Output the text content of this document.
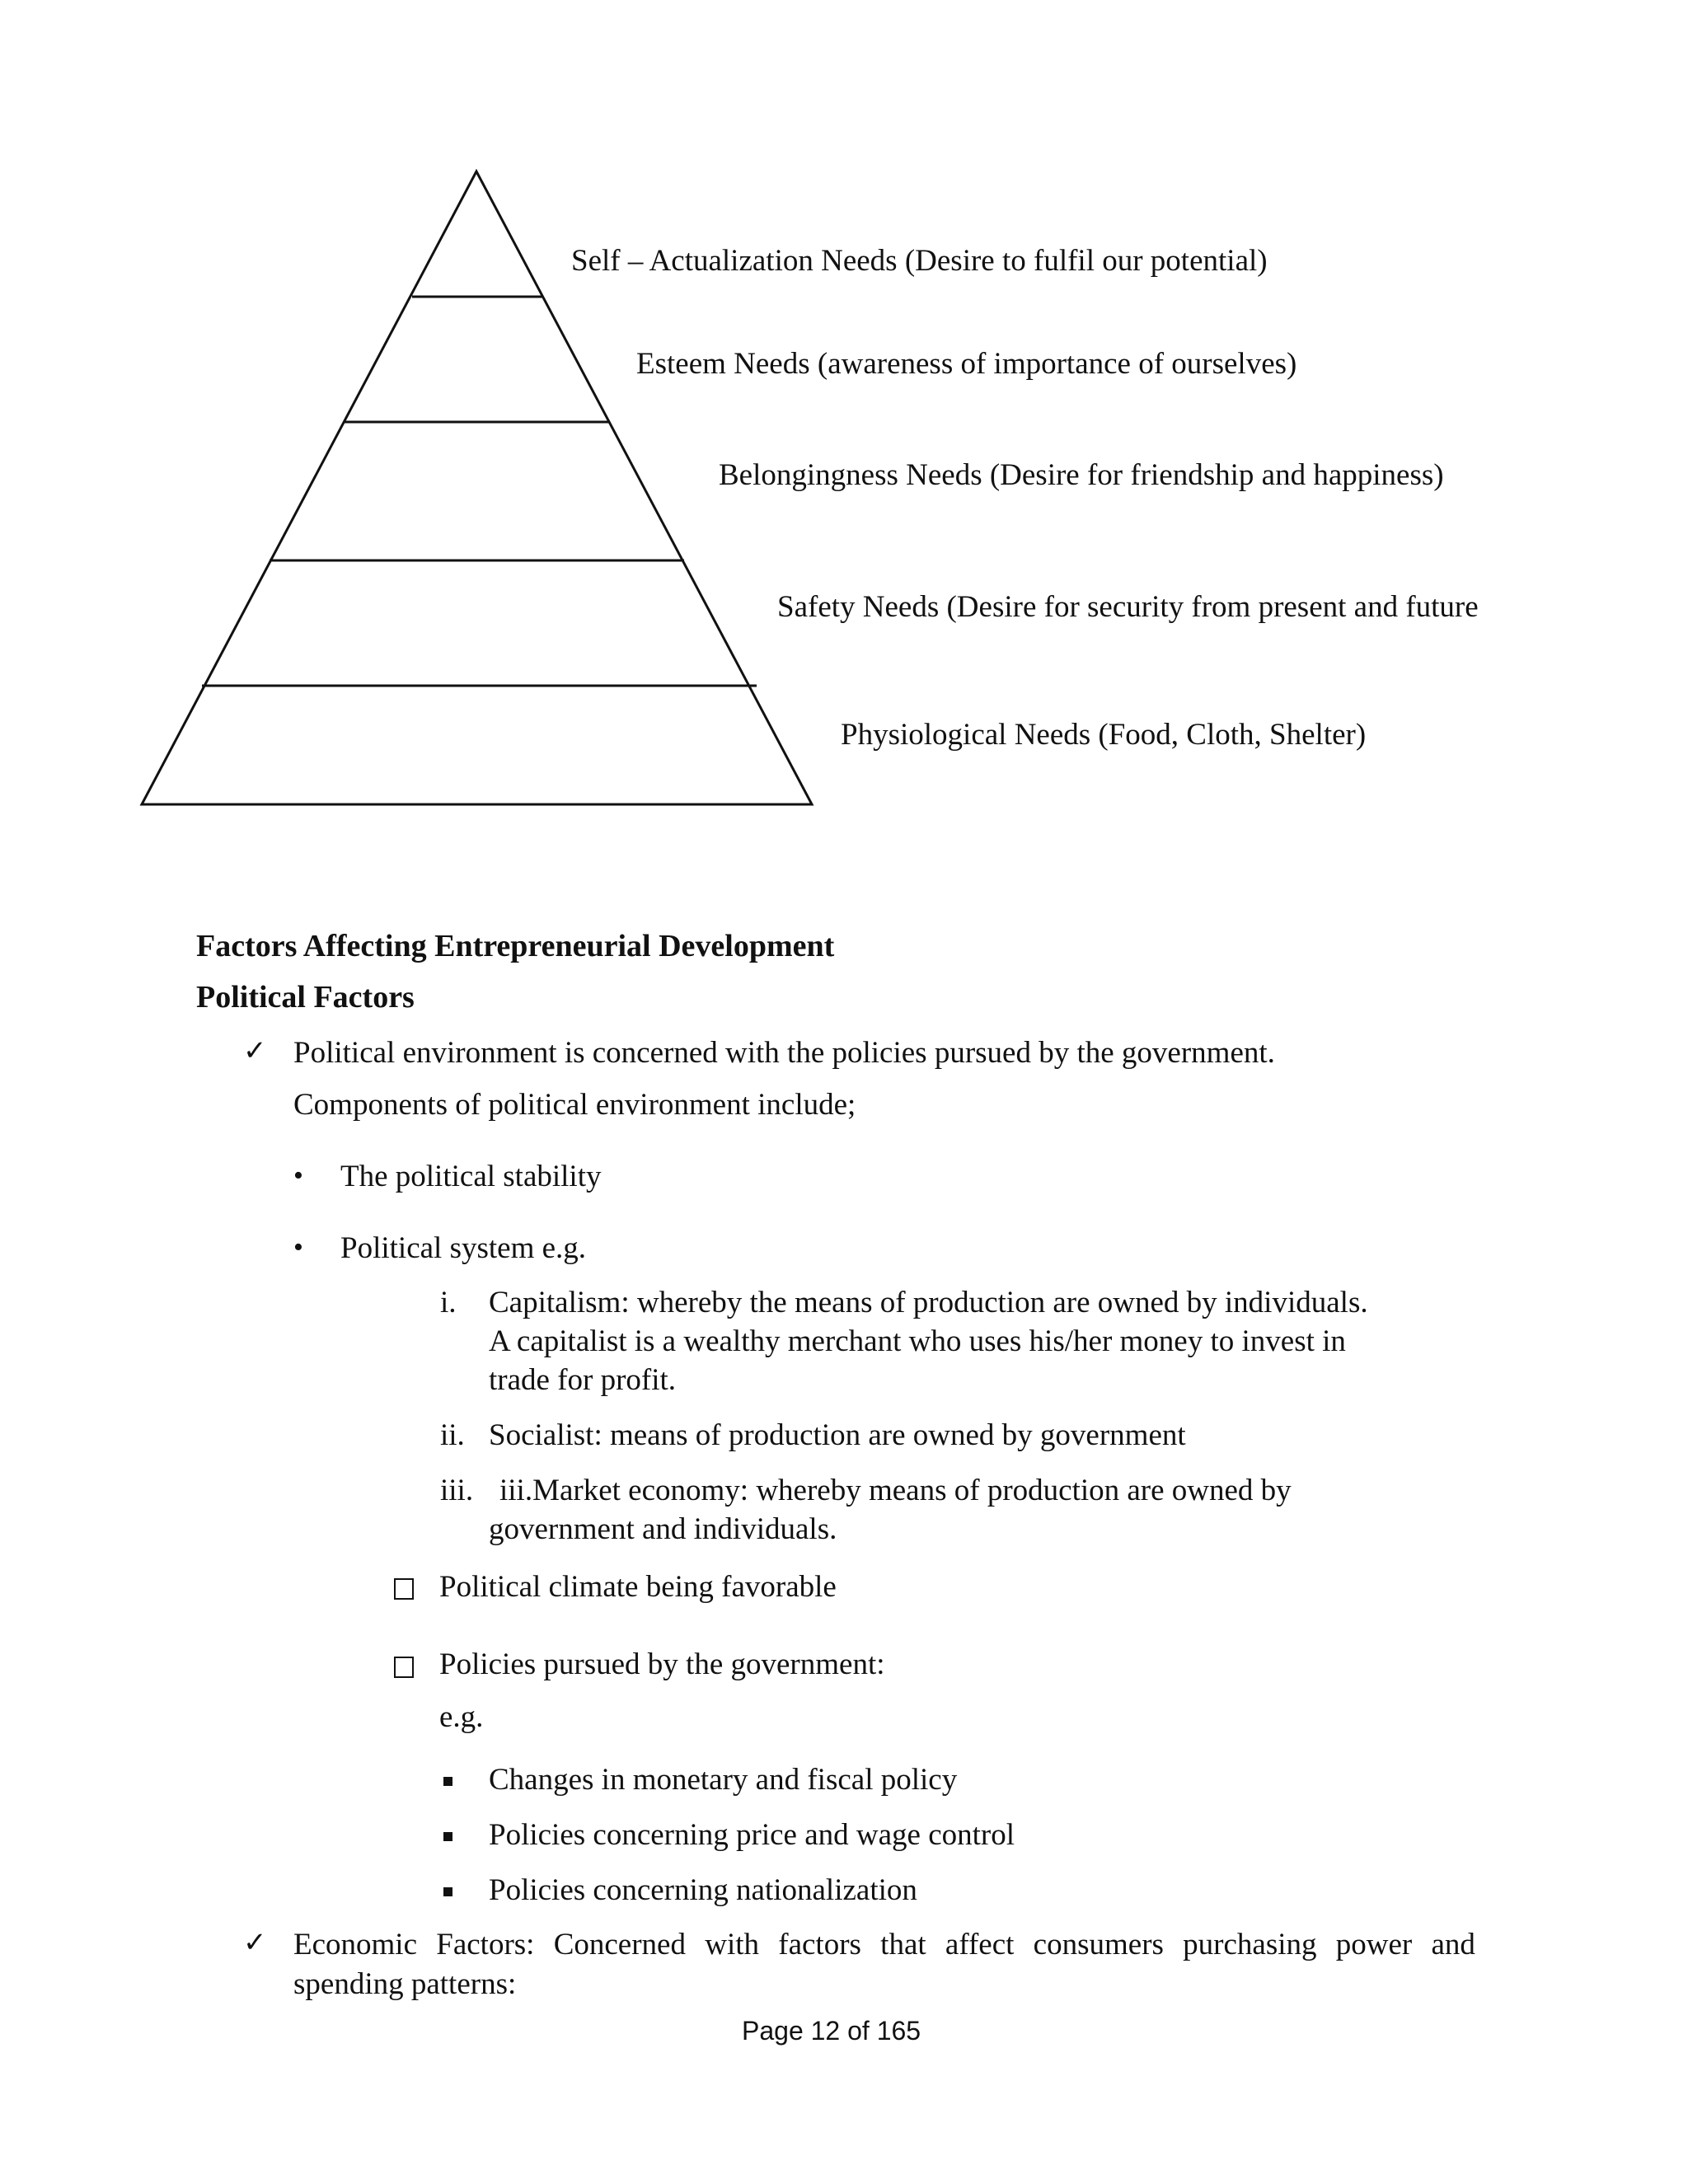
Self – Actualization Needs (Desire to fulfil our potential)
Esteem Needs (awareness of importance of ourselves)
Belongingness Needs (Desire for friendship and happiness)
Safety Needs (Desire for security from present and future
Physiological Needs (Food, Cloth, Shelter)
Factors Affecting Entrepreneurial Development
Political Factors
✓ Political environment is concerned with the policies pursued by the government.
Components of political environment include;
• The political stability
• Political system e.g.
i. Capitalism: whereby the means of production are owned by individuals.
A capitalist is a wealthy merchant who uses his/her money to invest in
trade for profit.
ii. Socialist: means of production are owned by government
iii. iii.Market economy: whereby means of production are owned by
government and individuals.
Political climate being favorable
Policies pursued by the government:
e.g.
Changes in monetary and fiscal policy
Policies concerning price and wage control
Policies concerning nationalization
✓ Economic Factors: Concerned with factors that affect consumers purchasing power and
spending patterns:
Page 12 of 165
